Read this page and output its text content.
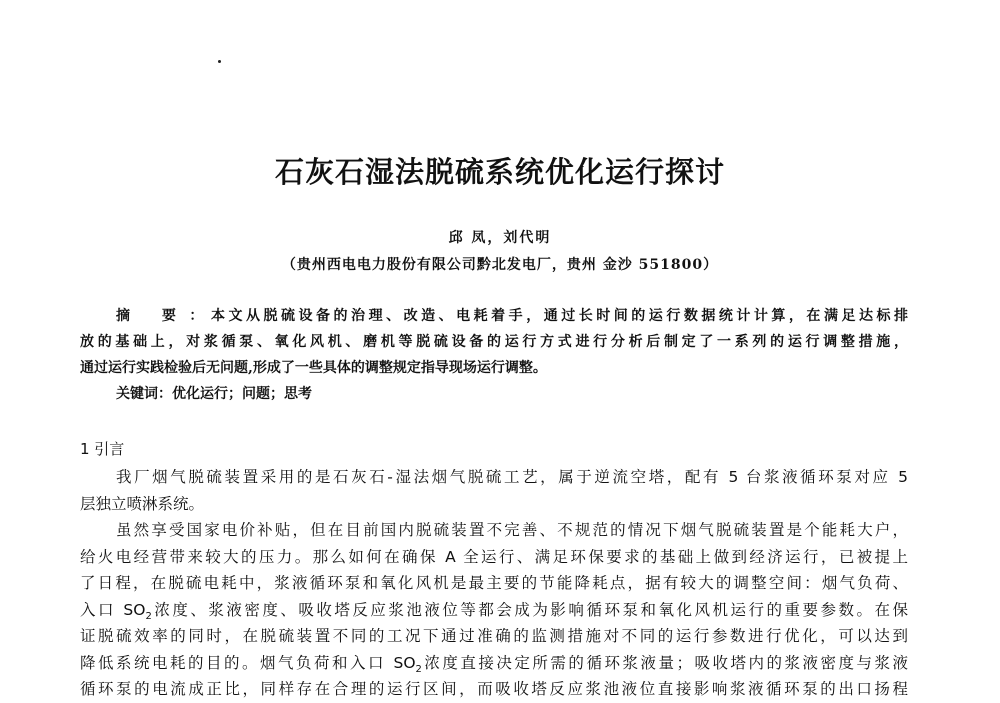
石灰石湿法脱硫系统优化运行探讨
邱 凤，刘代明
（贵州西电电力股份有限公司黔北发电厂，贵州 金沙 551800）
摘 要：本文从脱硫设备的治理、改造、电耗着手，通过长时间的运行数据统计计算，在满足达标排
放的基础上，对浆循泵、氧化风机、磨机等脱硫设备的运行方式进行分析后制定了一系列的运行调整措施，
通过运行实践检验后无问题,形成了一些具体的调整规定指导现场运行调整。
关键词：优化运行；问题；思考
1 引言
我厂烟气脱硫装置采用的是石灰石-湿法烟气脱硫工艺，属于逆流空塔，配有 5 台浆液循环泵对应 5
层独立喷淋系统。
虽然享受国家电价补贴，但在目前国内脱硫装置不完善、不规范的情况下烟气脱硫装置是个能耗大户，
给火电经营带来较大的压力。那么如何在确保 A 全运行、满足环保要求的基础上做到经济运行，已被提上
了日程，在脱硫电耗中，浆液循环泵和氧化风机是最主要的节能降耗点，据有较大的调整空间：烟气负荷、
入口 $SO_2$浓度、浆液密度、吸收塔反应浆池液位等都会成为影响循环泵和氧化风机运行的重要参数。在保
证脱硫效率的同时，在脱硫装置不同的工况下通过准确的监测措施对不同的运行参数进行优化，可以达到
降低系统电耗的目的。烟气负荷和入口 $SO_2$浓度直接决定所需的循环浆液量；吸收塔内的浆液密度与浆液
循环泵的电流成正比，同样存在合理的运行区间，而吸收塔反应浆池液位直接影响浆液循环泵的出口扬程
